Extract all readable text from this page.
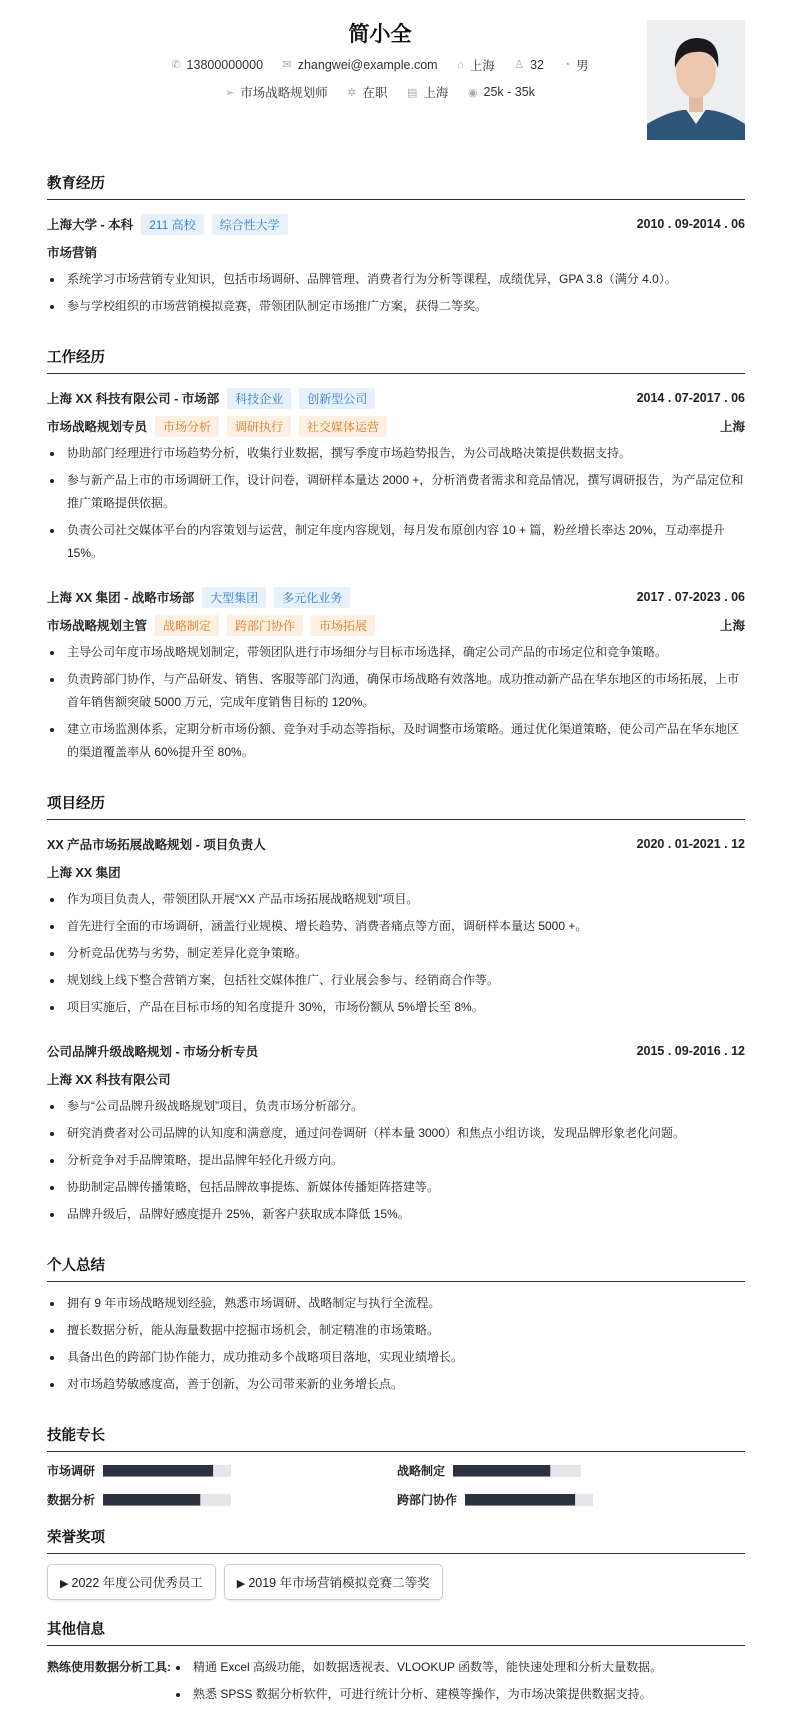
简小全
✆ 13800000000
✉ zhangwei@example.com
⌂ 上海
♙ 32
◔ 男
➢ 市场战略规划师
✲ 在职
▤ 上海
◉ 25k - 35k
教育经历
上海大学 - 本科	211 高校	综合性大学	2010 . 09-2014 . 06
市场营销
系统学习市场营销专业知识，包括市场调研、品牌管理、消费者行为分析等课程，成绩优异，GPA 3.8（满分 4.0）。
参与学校组织的市场营销模拟竞赛，带领团队制定市场推广方案，获得二等奖。
工作经历
上海 XX 科技有限公司 - 市场部	科技企业	创新型公司	2014 . 07-2017 . 06
市场战略规划专员	市场分析	调研执行	社交媒体运营	上海
协助部门经理进行市场趋势分析，收集行业数据，撰写季度市场趋势报告，为公司战略决策提供数据支持。
参与新产品上市的市场调研工作，设计问卷，调研样本量达 2000 +，分析消费者需求和竞品情况，撰写调研报告，为产品定位和推广策略提供依据。
负责公司社交媒体平台的内容策划与运营，制定年度内容规划，每月发布原创内容 10 + 篇，粉丝增长率达 20%，互动率提升 15%。
上海 XX 集团 - 战略市场部	大型集团	多元化业务	2017 . 07-2023 . 06
市场战略规划主管	战略制定	跨部门协作	市场拓展	上海
主导公司年度市场战略规划制定，带领团队进行市场细分与目标市场选择，确定公司产品的市场定位和竞争策略。
负责跨部门协作，与产品研发、销售、客服等部门沟通，确保市场战略有效落地。成功推动新产品在华东地区的市场拓展，上市首年销售额突破 5000 万元，完成年度销售目标的 120%。
建立市场监测体系，定期分析市场份额、竞争对手动态等指标，及时调整市场策略。通过优化渠道策略，使公司产品在华东地区的渠道覆盖率从 60%提升至 80%。
项目经历
XX 产品市场拓展战略规划 - 项目负责人	2020 . 01-2021 . 12
上海 XX 集团
作为项目负责人，带领团队开展“XX 产品市场拓展战略规划”项目。
首先进行全面的市场调研，涵盖行业规模、增长趋势、消费者痛点等方面，调研样本量达 5000 +。
分析竞品优势与劣势，制定差异化竞争策略。
规划线上线下整合营销方案，包括社交媒体推广、行业展会参与、经销商合作等。
项目实施后，产品在目标市场的知名度提升 30%，市场份额从 5%增长至 8%。
公司品牌升级战略规划 - 市场分析专员	2015 . 09-2016 . 12
上海 XX 科技有限公司
参与“公司品牌升级战略规划”项目，负责市场分析部分。
研究消费者对公司品牌的认知度和满意度，通过问卷调研（样本量 3000）和焦点小组访谈，发现品牌形象老化问题。
分析竞争对手品牌策略，提出品牌年轻化升级方向。
协助制定品牌传播策略，包括品牌故事提炼、新媒体传播矩阵搭建等。
品牌升级后，品牌好感度提升 25%，新客户获取成本降低 15%。
个人总结
拥有 9 年市场战略规划经验，熟悉市场调研、战略制定与执行全流程。
擅长数据分析，能从海量数据中挖掘市场机会，制定精准的市场策略。
具备出色的跨部门协作能力，成功推动多个战略项目落地，实现业绩增长。
对市场趋势敏感度高，善于创新，为公司带来新的业务增长点。
技能专长
市场调研	战略制定
数据分析	跨部门协作
荣誉奖项
▶ 2022 年度公司优秀员工	▶ 2019 年市场营销模拟竞赛二等奖
其他信息
熟练使用数据分析工具:	精通 Excel 高级功能，如数据透视表、VLOOKUP 函数等，能快速处理和分析大量数据。
熟悉 SPSS 数据分析软件，可进行统计分析、建模等操作，为市场决策提供数据支持。
